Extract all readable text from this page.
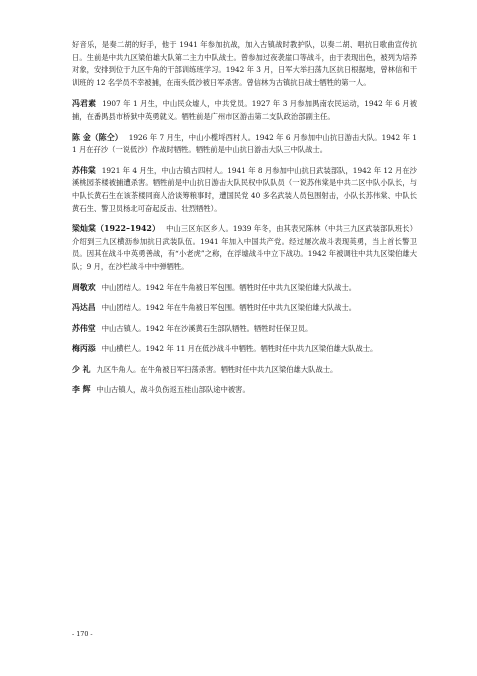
好音乐，是奏二胡的好手，他于 1941 年参加抗战，加入古镇战时教护队，以奏二胡、唱抗日歌曲宣传抗日。生前是中共九区梁伯雄大队第二主力中队战士。曾参加过夜袭崖口等战斗，由于表现出色，被列为培养对象，安排到位于九区牛角的干部训练班学习。1942 年 3 月，日军大举扫荡九区抗日根据地，曾林信和干训班的 12 名学员不幸被捕，在南头低沙被日军杀害。曾信林为古镇抗日战士牺牲的第一人。

冯君素 1907 年 1 月生，中山民众墟人，中共党员。1927 年 3 月参加禺南农民运动，1942 年 6 月被捕，在番禺县市桥狱中英勇就义。牺牲前是广州市区游击第二支队政治部副主任。

陈 金（陈仝） 1926 年 7 月生，中山小榄埒西村人。1942 年 6 月参加中山抗日游击大队。1942 年 11 月在孖沙（一说低沙）作战时牺牲。牺牲前是中山抗日游击大队三中队战士。

苏伟棠 1921 年 4 月生，中山古镇古四村人。1941 年 8 月参加中山抗日武装部队，1942 年 12 月在沙溪桃园茶楼被捕遭杀害。牺牲前是中山抗日游击大队民权中队队员（一说苏伟棠是中共二区中队小队长，与中队长黄石生在该茶楼同商人洽谈筹粮事时，遭国民党 40 多名武装人员包围射击，小队长苏伟棠、中队长黄石生、警卫员杨北可奋起反击、壮烈牺牲）。

梁灿棠（1922–1942） 中山三区东区乡人。1939 年冬，由其表兄陈林（中共三九区武装部队班长）介绍到三九区横沥参加抗日武装队伍。1941 年加入中国共产党。经过屡次战斗表现英勇，当上首长警卫员。因其在战斗中英勇善战，有“小老虎”之称，在浮墟战斗中立下战功。1942 年被调往中共九区梁伯雄大队；9 月，在沙栏战斗中中弹牺牲。

周敬欢 中山团结人。1942 年在牛角被日军包围。牺牲时任中共九区梁伯雄大队战士。

冯达昌 中山团结人。1942 年在牛角被日军包围。牺牲时任中共九区梁伯雄大队战士。

苏伟堂 中山古镇人。1942 年在沙溪黄石生部队牺牲。牺牲时任保卫员。

梅丙添 中山横栏人。1942 年 11 月在低沙战斗中牺牲。牺牲时任中共九区梁伯雄大队战士。

少 礼 九区牛角人。在牛角被日军扫荡杀害。牺牲时任中共九区梁伯雄大队战士。

李 辉 中山古镇人，战斗负伤返五桂山部队途中被害。

- 170 -
